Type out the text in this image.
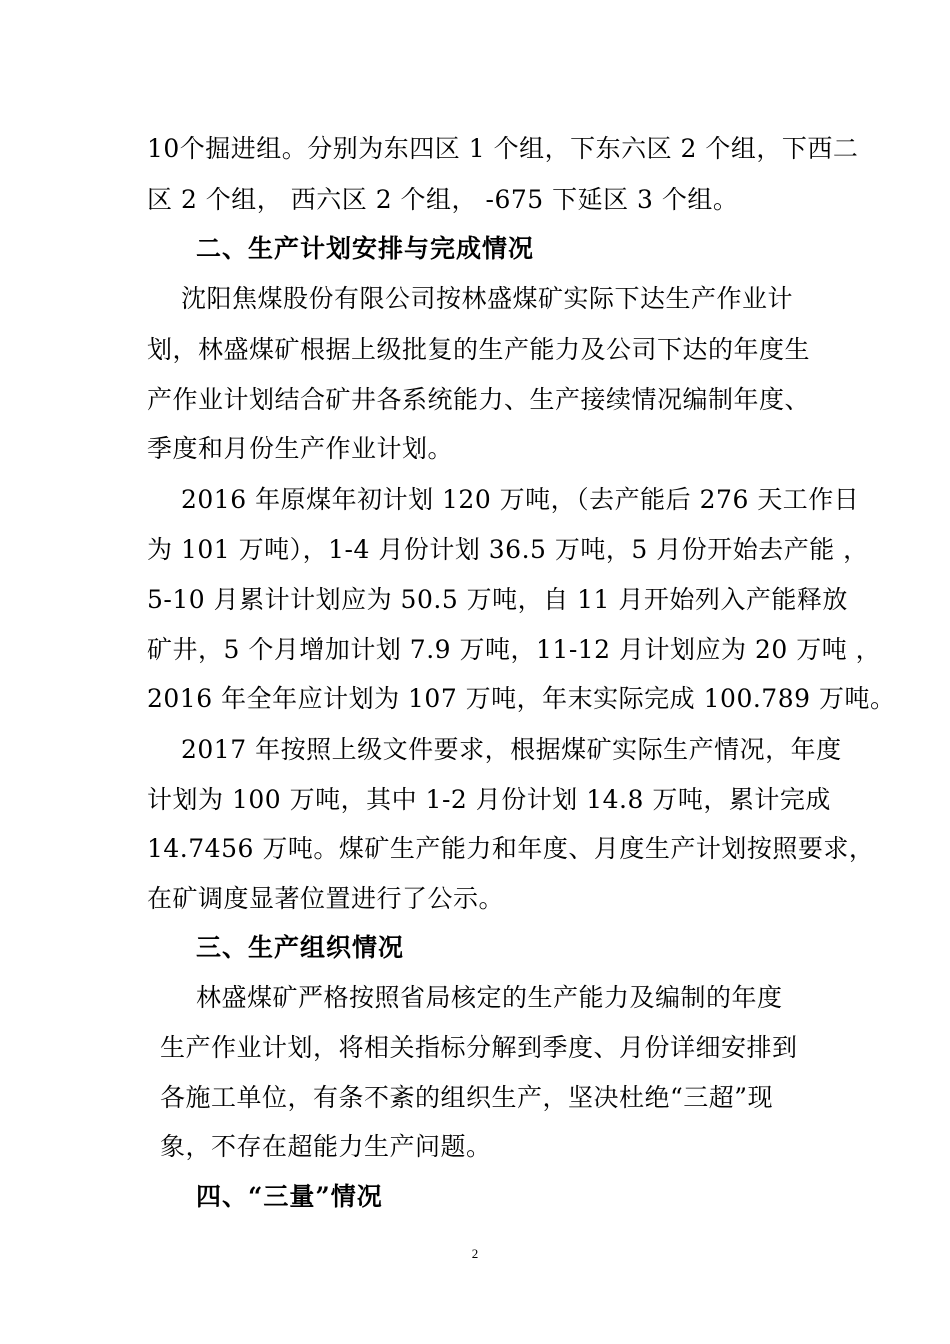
10个掘进组。分别为东四区 1 个组，下东六区 2 个组，下西二
区 2 个组， 西六区 2 个组， -675 下延区 3 个组。
二、生产计划安排与完成情况
沈阳焦煤股份有限公司按林盛煤矿实际下达生产作业计
划，林盛煤矿根据上级批复的生产能力及公司下达的年度生
产作业计划结合矿井各系统能力、生产接续情况编制年度、
季度和月份生产作业计划。
2016 年原煤年初计划 120 万吨，（去产能后 276 天工作日
为 101 万吨），1-4 月份计划 36.5 万吨，5 月份开始去产能 ，
5-10 月累计计划应为 50.5 万吨，自 11 月开始列入产能释放
矿井，5 个月增加计划 7.9 万吨，11-12 月计划应为 20 万吨 ，
2016 年全年应计划为 107 万吨，年末实际完成 100.789 万吨。
2017 年按照上级文件要求，根据煤矿实际生产情况，年度
计划为 100 万吨，其中 1-2 月份计划 14.8 万吨，累计完成
14.7456 万吨。煤矿生产能力和年度、月度生产计划按照要求，
在矿调度显著位置进行了公示。
三、生产组织情况
林盛煤矿严格按照省局核定的生产能力及编制的年度
生产作业计划，将相关指标分解到季度、月份详细安排到
各施工单位，有条不紊的组织生产，坚决杜绝“三超”现
象，不存在超能力生产问题。
四、“三量”情况
2
